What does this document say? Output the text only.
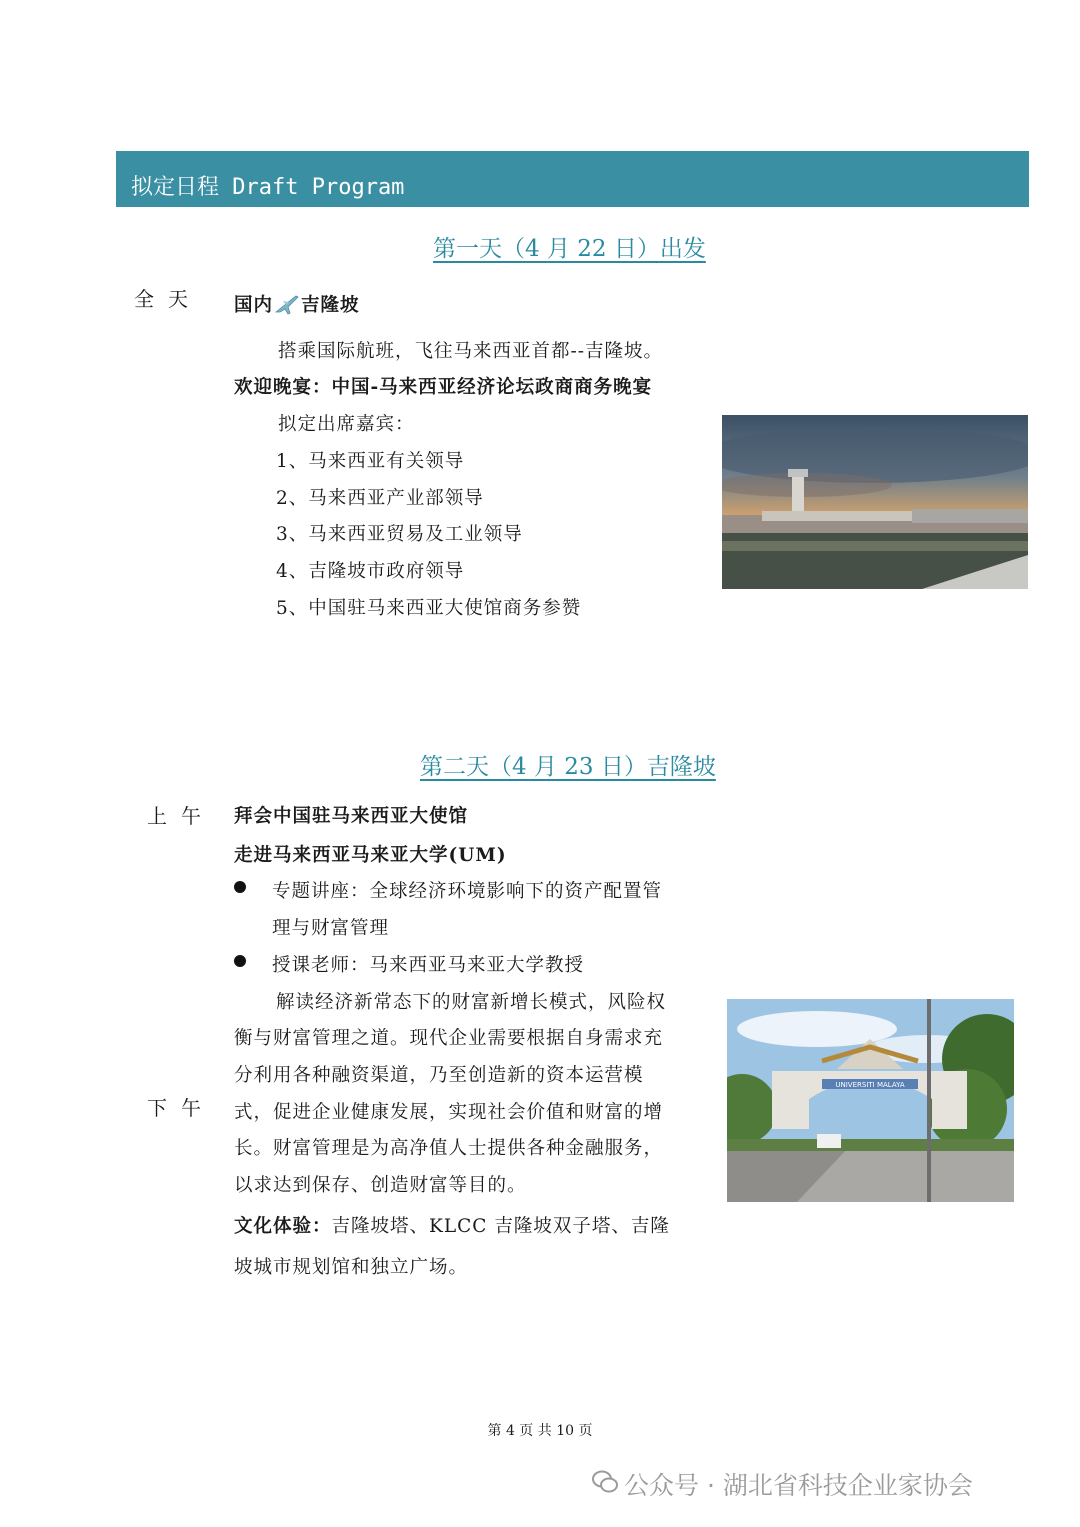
拟定日程 Draft Program
第一天（4 月 22 日）出发
全天 国内 吉隆坡
搭乘国际航班，飞往马来西亚首都--吉隆坡。
欢迎晚宴：中国-马来西亚经济论坛政商商务晚宴
拟定出席嘉宾：
1、马来西亚有关领导
2、马来西亚产业部领导
3、马来西亚贸易及工业领导
4、吉隆坡市政府领导
5、中国驻马来西亚大使馆商务参赞
第二天（4 月 23 日）吉隆坡
上午 拜会中国驻马来西亚大使馆
走进马来西亚马来亚大学(UM)
专题讲座：全球经济环境影响下的资产配置管
理与财富管理
授课老师：马来西亚马来亚大学教授
下午
解读经济新常态下的财富新增长模式，风险权
衡与财富管理之道。现代企业需要根据自身需求充
分利用各种融资渠道，乃至创造新的资本运营模
式，促进企业健康发展，实现社会价值和财富的增
长。财富管理是为高净值人士提供各种金融服务，
以求达到保存、创造财富等目的。
文化体验：吉隆坡塔、KLCC 吉隆坡双子塔、吉隆
坡城市规划馆和独立广场。
UNIVERSITI MALAYA
第 4 页 共 10 页
公众号 · 湖北省科技企业家协会
